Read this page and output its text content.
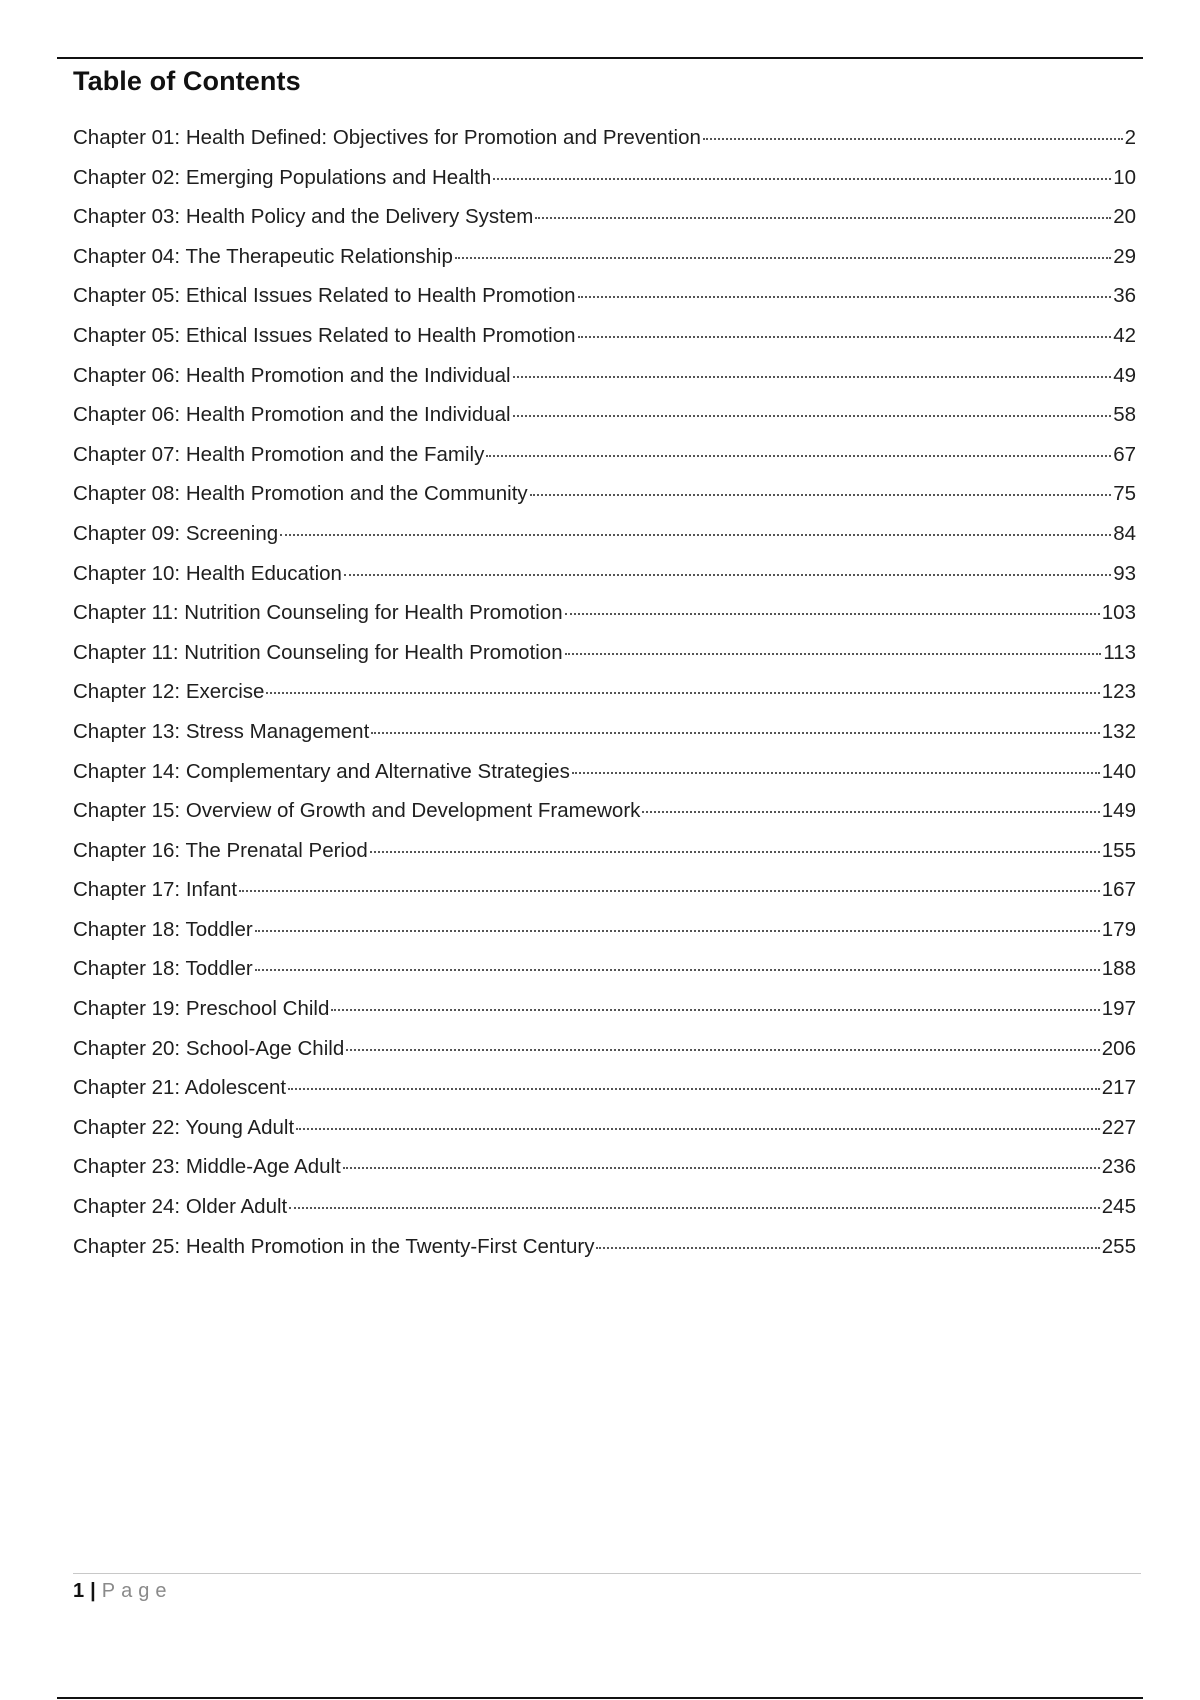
Table of Contents
Chapter 01: Health Defined: Objectives for Promotion and Prevention	2
Chapter 02: Emerging Populations and Health	10
Chapter 03: Health Policy and the Delivery System	20
Chapter 04: The Therapeutic Relationship	29
Chapter 05: Ethical Issues Related to Health Promotion	36
Chapter 05: Ethical Issues Related to Health Promotion	42
Chapter 06: Health Promotion and the Individual	49
Chapter 06: Health Promotion and the Individual	58
Chapter 07: Health Promotion and the Family	67
Chapter 08: Health Promotion and the Community	75
Chapter 09: Screening	84
Chapter 10: Health Education	93
Chapter 11: Nutrition Counseling for Health Promotion	103
Chapter 11: Nutrition Counseling for Health Promotion	113
Chapter 12: Exercise	123
Chapter 13: Stress Management	132
Chapter 14: Complementary and Alternative Strategies	140
Chapter 15: Overview of Growth and Development Framework	149
Chapter 16: The Prenatal Period	155
Chapter 17: Infant	167
Chapter 18: Toddler	179
Chapter 18: Toddler	188
Chapter 19: Preschool Child	197
Chapter 20: School-Age Child	206
Chapter 21: Adolescent	217
Chapter 22: Young Adult	227
Chapter 23: Middle-Age Adult	236
Chapter 24: Older Adult	245
Chapter 25: Health Promotion in the Twenty-First Century	255
1 | Page
